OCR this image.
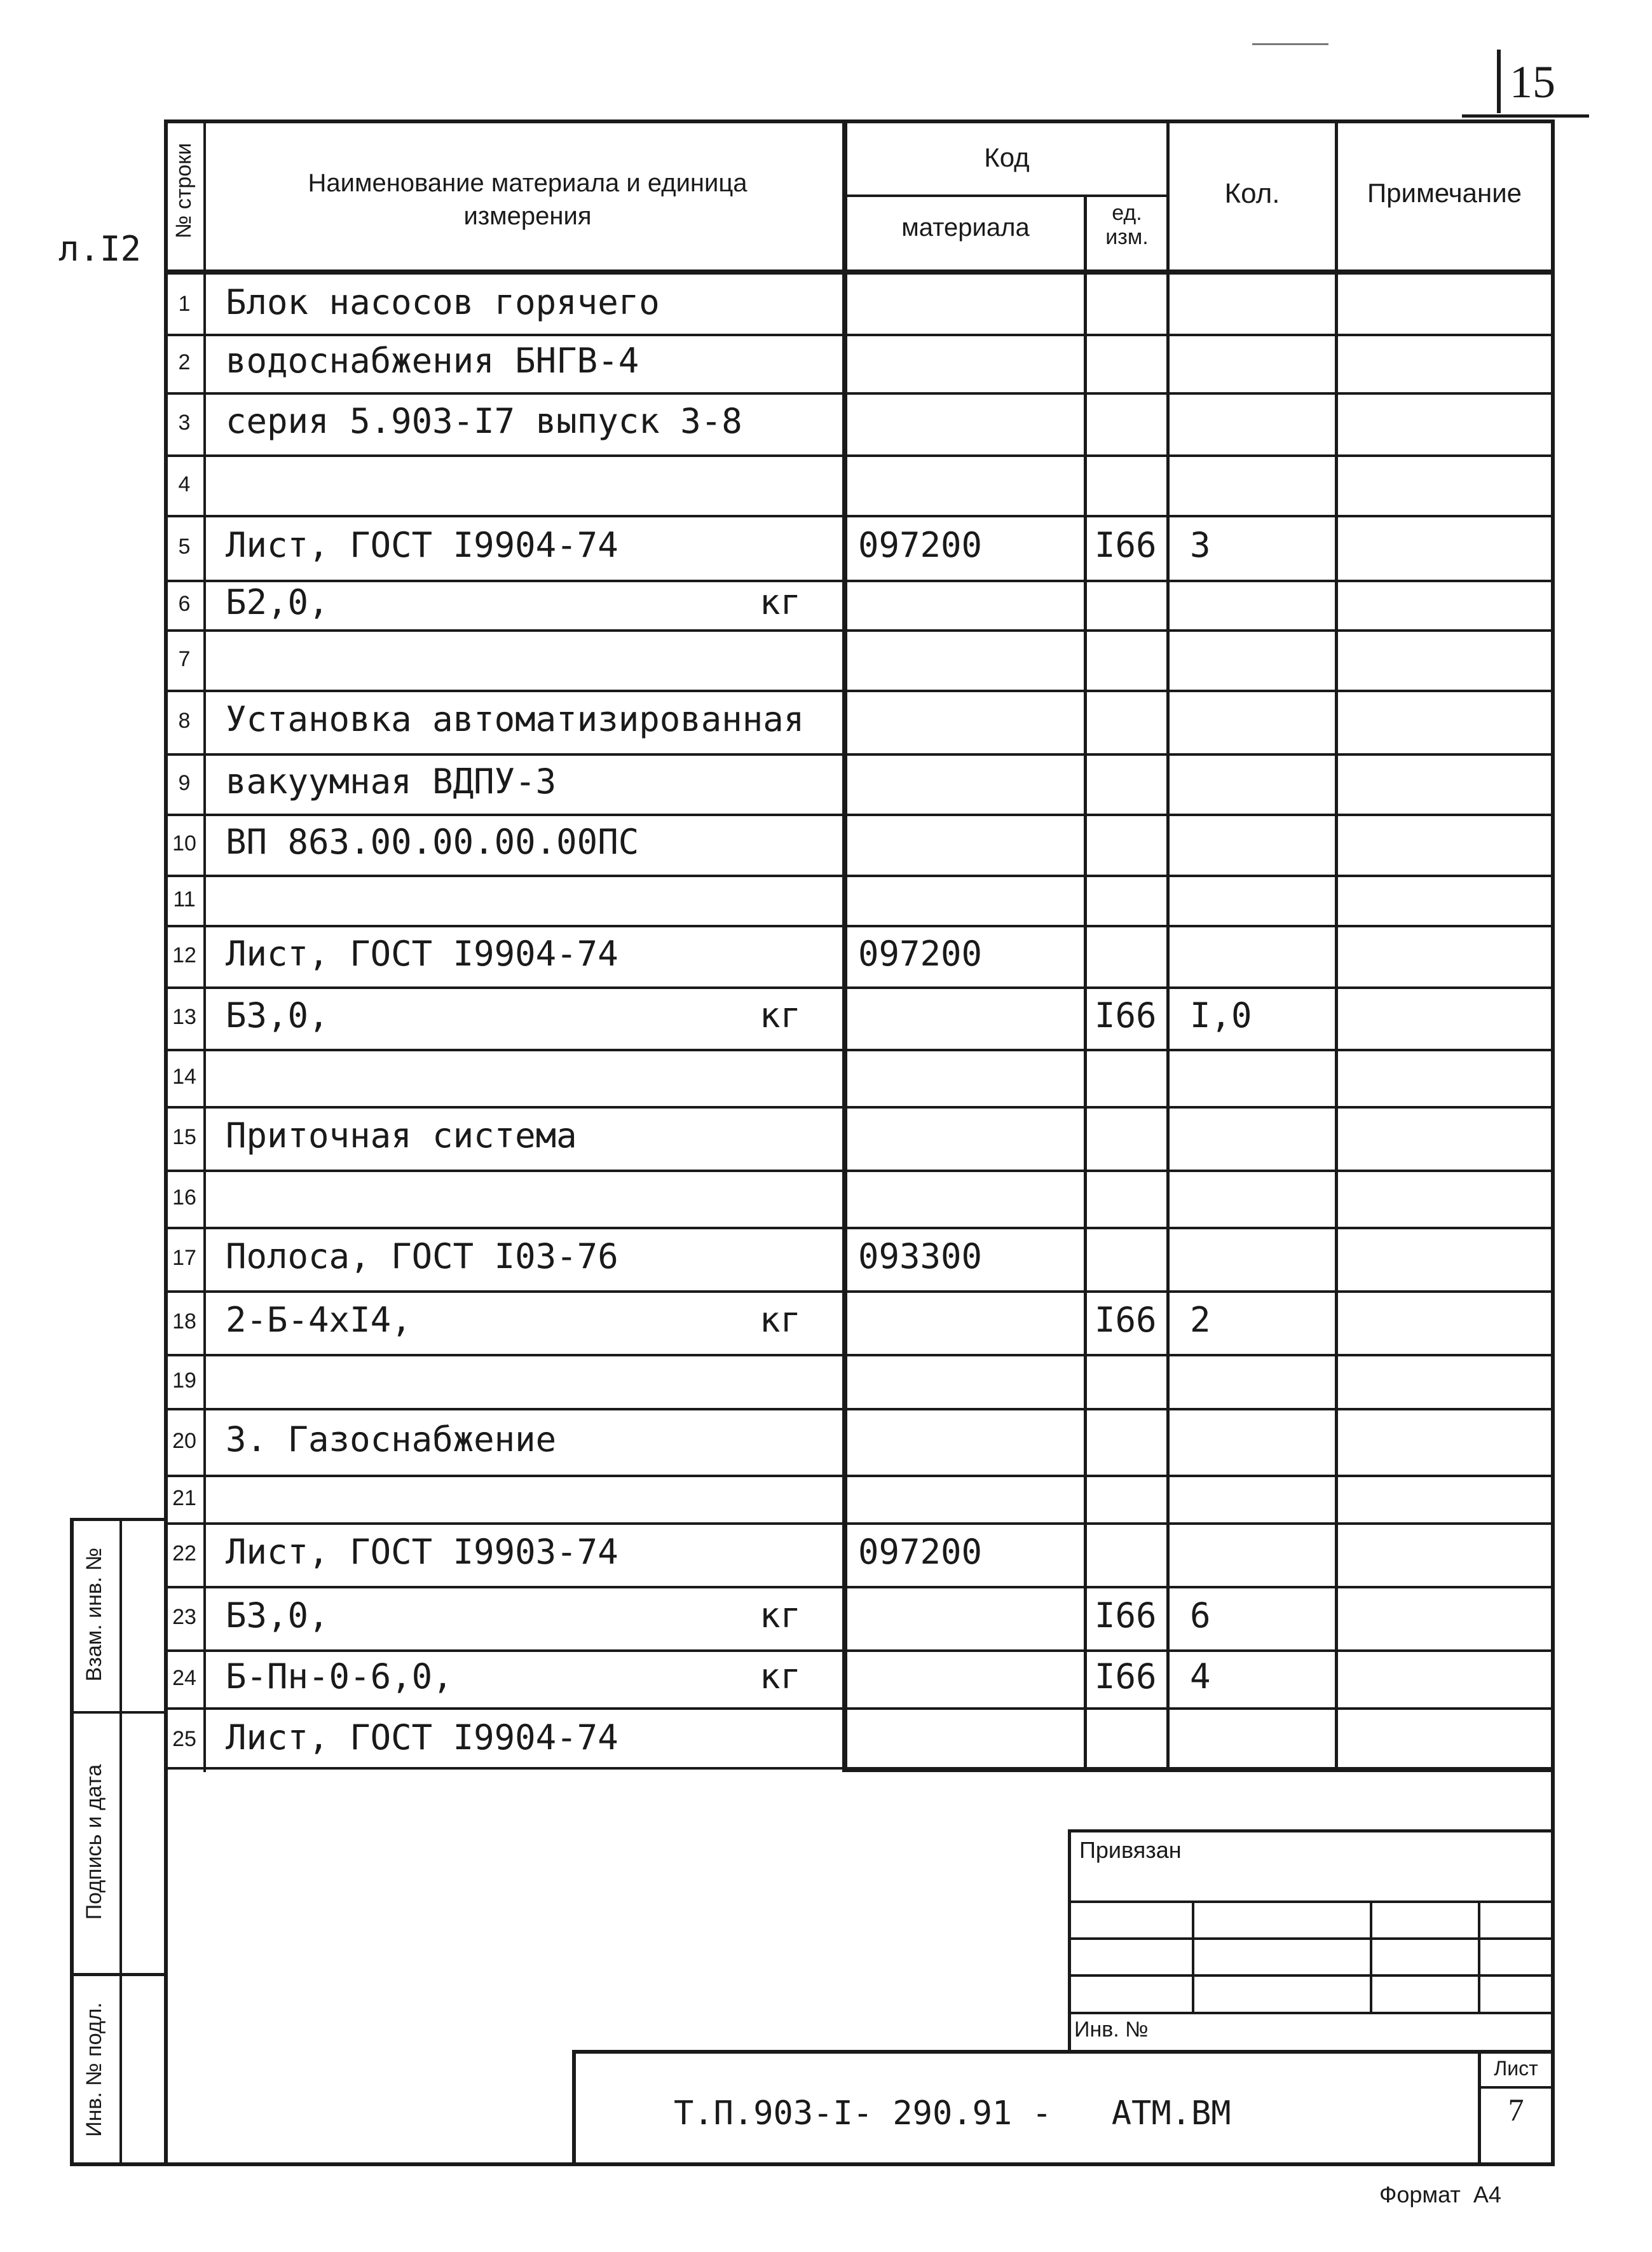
15
л.I2
№ строки	Наименование материала и единица измерения
Код
материала
ед. изм.
Кол.	Примечание
1	Блок насосов горячего
2	водоснабжения БНГВ-4
3	серия 5.903-I7 выпуск 3-8
4
5	Лист, ГОСТ I9904-74	097200	I66 3
6	Б2,0,	кг
7
8	Установка автоматизированная
9	вакуумная ВДПУ-3
10 ВП 863.00.00.00.00ПС
11
12 Лист, ГОСТ I9904-74	097200
13 Б3,0,	кг	I66 I,0
14
15 Приточная система
16
17 Полоса, ГОСТ I03-76	093300
18 2-Б-4xI4,	кг	I66 2
19
20 3. Газоснабжение
21
22 Лист, ГОСТ I9903-74	097200
23 Б3,0,	кг	I66 6
24 Б-Пн-0-6,0,	кг	I66 4
25 Лист, ГОСТ I9904-74
Взам. инв. №
Подпись и дата
Инв. № подл.
Привязан
Инв. №
Т.П.903-I- 290.91 -   АТМ.ВМ
Лист
7
Формат  А4
